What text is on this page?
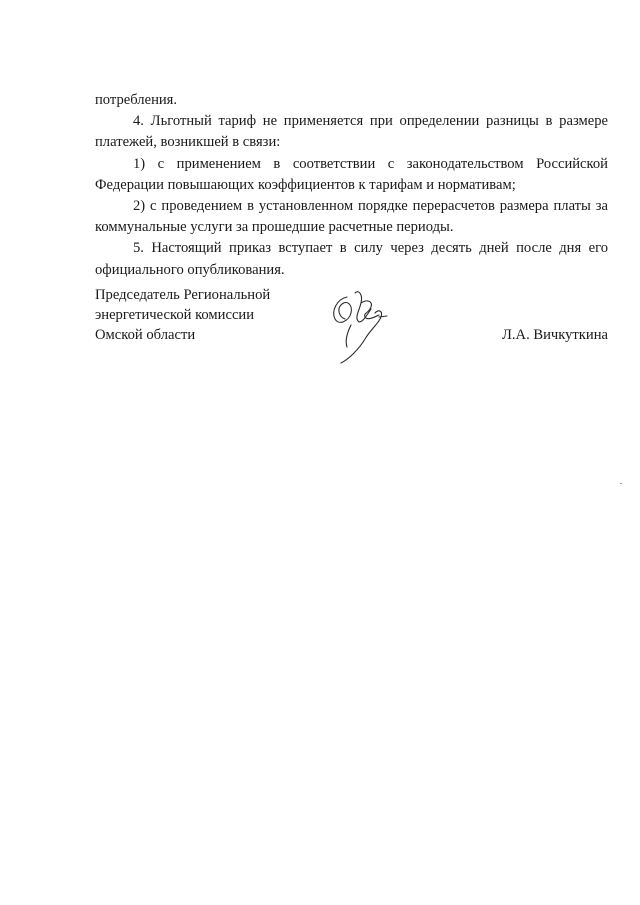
потребления.

4. Льготный тариф не применяется при определении разницы в размере платежей, возникшей в связи:

1) с применением в соответствии с законодательством Российской Федерации повышающих коэффициентов к тарифам и нормативам;

2) с проведением в установленном порядке перерасчетов размера платы за коммунальные услуги за прошедшие расчетные периоды.

5. Настоящий приказ вступает в силу через десять дней после дня его официального опубликования.

Председатель Региональной
энергетической комиссии
Омской области	Л.А. Вичкуткина
